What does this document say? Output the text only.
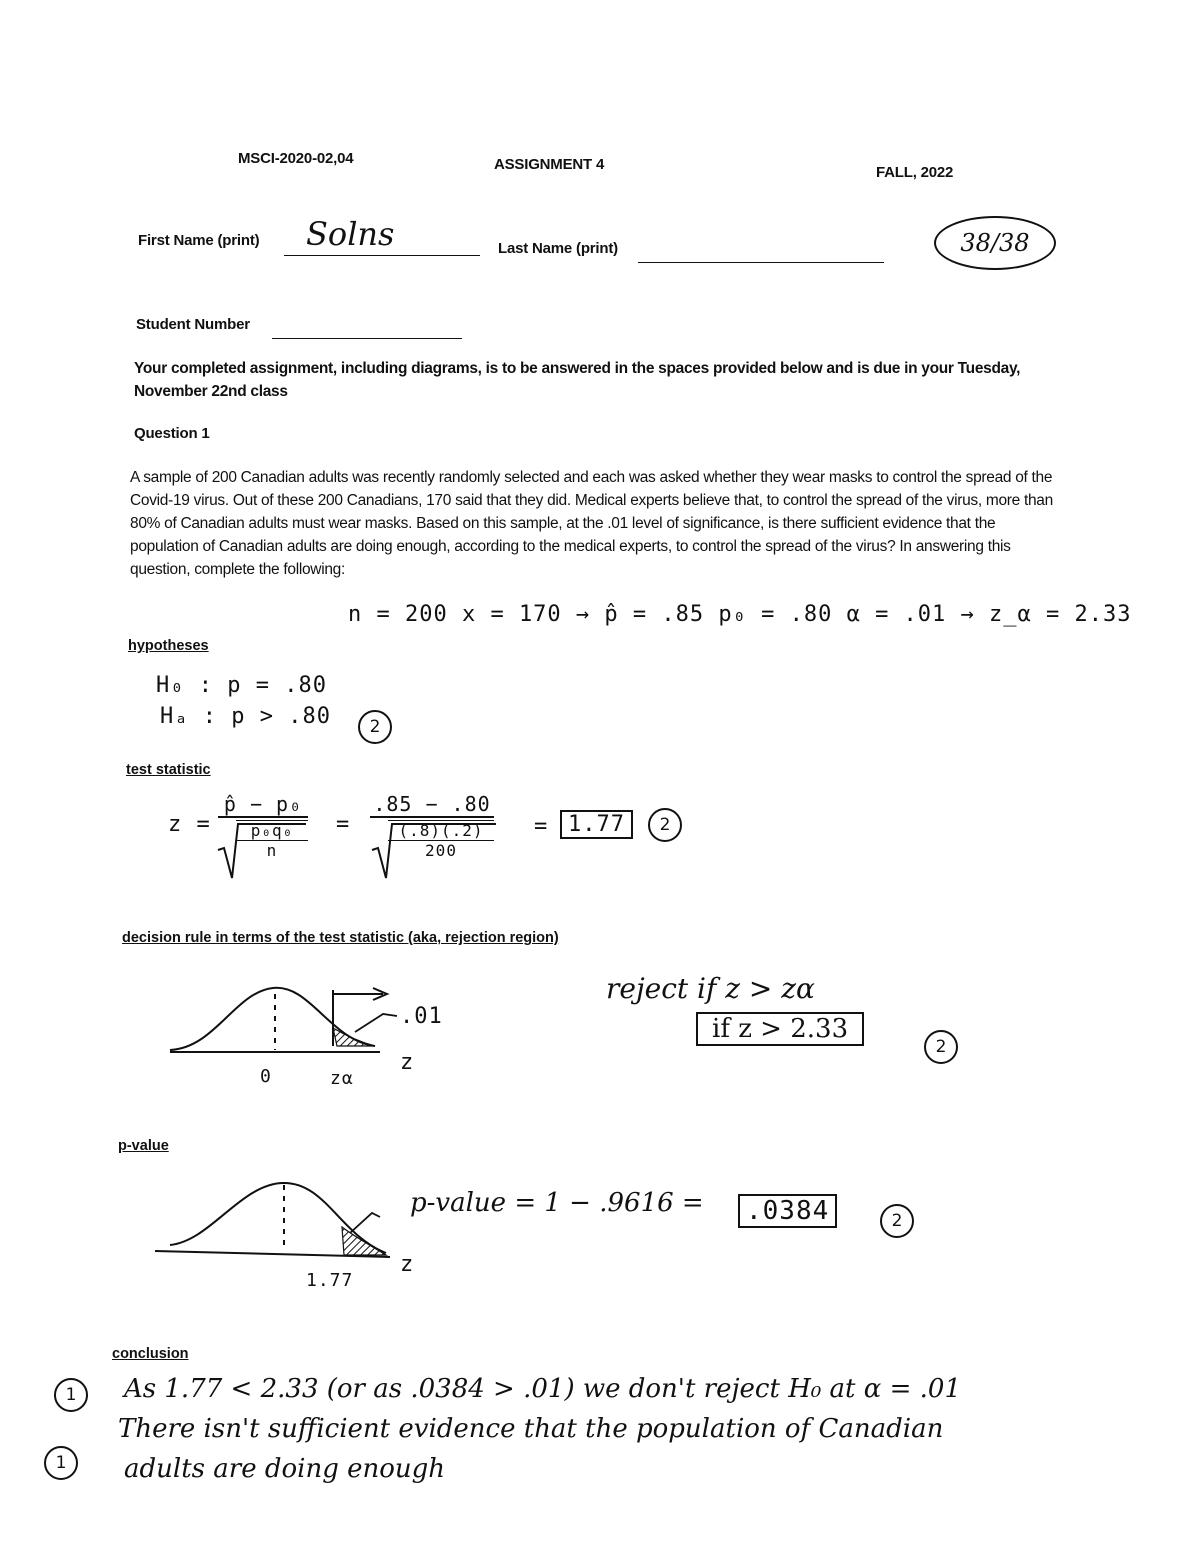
MSCI-2020-02,04	ASSIGNMENT 4	FALL, 2022
First Name (print) Solns	Last Name (print)	38/38
Student Number
Your completed assignment, including diagrams, is to be answered in the spaces provided below and is due in your Tuesday, November 22nd class
Question 1
A sample of 200 Canadian adults was recently randomly selected and each was asked whether they wear masks to control the spread of the Covid-19 virus. Out of these 200 Canadians, 170 said that they did. Medical experts believe that, to control the spread of the virus, more than 80% of Canadian adults must wear masks. Based on this sample, at the .01 level of significance, is there sufficient evidence that the population of Canadian adults are doing enough, according to the medical experts, to control the spread of the virus? In answering this question, complete the following:
n = 200 x = 170 → p̂ = .85 p₀ = .80 α = .01 → z_α = 2.33
hypotheses
H₀ : p = .80
Hₐ : p > .80	2
test statistic
z =
p̂ − p₀
p₀q₀
n
=
.85 − .80
(.8)(.2)
200
= 1.77	2
decision rule in terms of the test statistic (aka, rejection region)
.01
z
0	zα
reject if z > zα
if z > 2.33
2
p-value
z
1.77
p-value = 1 − .9616 =	.0384	2
conclusion
1
1
As 1.77 < 2.33 (or as .0384 > .01) we don't reject H₀ at α = .01
There isn't sufficient evidence that the population of Canadian
adults are doing enough
